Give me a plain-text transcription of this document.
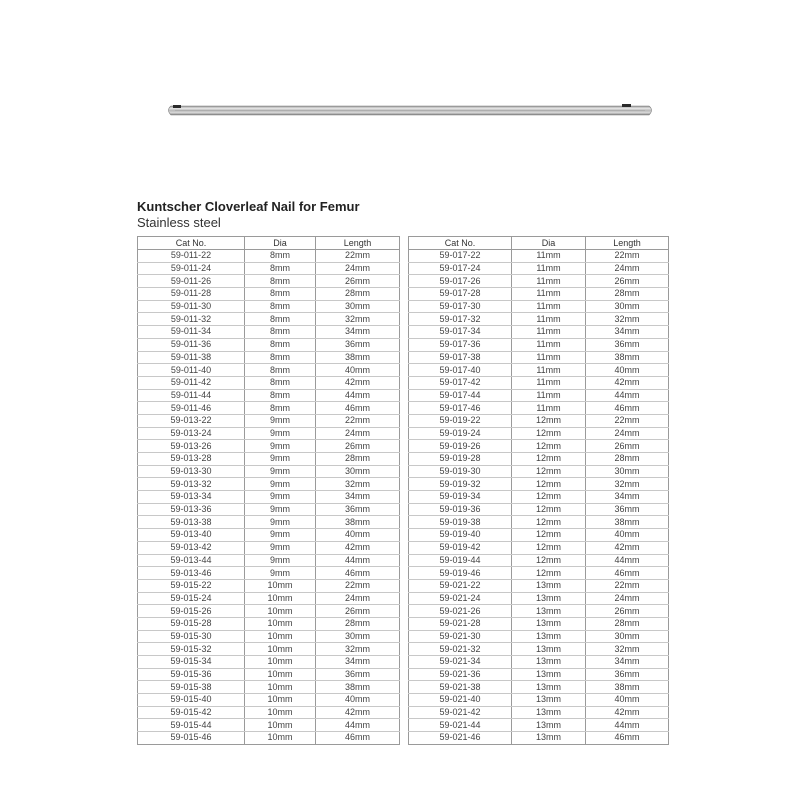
Kuntscher Cloverleaf Nail for Femur
Stainless steel
Cat No.	Dia	Length
59-011-22	8mm	22mm
59-011-24	8mm	24mm
59-011-26	8mm	26mm
59-011-28	8mm	28mm
59-011-30	8mm	30mm
59-011-32	8mm	32mm
59-011-34	8mm	34mm
59-011-36	8mm	36mm
59-011-38	8mm	38mm
59-011-40	8mm	40mm
59-011-42	8mm	42mm
59-011-44	8mm	44mm
59-011-46	8mm	46mm
59-013-22	9mm	22mm
59-013-24	9mm	24mm
59-013-26	9mm	26mm
59-013-28	9mm	28mm
59-013-30	9mm	30mm
59-013-32	9mm	32mm
59-013-34	9mm	34mm
59-013-36	9mm	36mm
59-013-38	9mm	38mm
59-013-40	9mm	40mm
59-013-42	9mm	42mm
59-013-44	9mm	44mm
59-013-46	9mm	46mm
59-015-22	10mm	22mm
59-015-24	10mm	24mm
59-015-26	10mm	26mm
59-015-28	10mm	28mm
59-015-30	10mm	30mm
59-015-32	10mm	32mm
59-015-34	10mm	34mm
59-015-36	10mm	36mm
59-015-38	10mm	38mm
59-015-40	10mm	40mm
59-015-42	10mm	42mm
59-015-44	10mm	44mm
59-015-46	10mm	46mm
Cat No.	Dia	Length
59-017-22	11mm	22mm
59-017-24	11mm	24mm
59-017-26	11mm	26mm
59-017-28	11mm	28mm
59-017-30	11mm	30mm
59-017-32	11mm	32mm
59-017-34	11mm	34mm
59-017-36	11mm	36mm
59-017-38	11mm	38mm
59-017-40	11mm	40mm
59-017-42	11mm	42mm
59-017-44	11mm	44mm
59-017-46	11mm	46mm
59-019-22	12mm	22mm
59-019-24	12mm	24mm
59-019-26	12mm	26mm
59-019-28	12mm	28mm
59-019-30	12mm	30mm
59-019-32	12mm	32mm
59-019-34	12mm	34mm
59-019-36	12mm	36mm
59-019-38	12mm	38mm
59-019-40	12mm	40mm
59-019-42	12mm	42mm
59-019-44	12mm	44mm
59-019-46	12mm	46mm
59-021-22	13mm	22mm
59-021-24	13mm	24mm
59-021-26	13mm	26mm
59-021-28	13mm	28mm
59-021-30	13mm	30mm
59-021-32	13mm	32mm
59-021-34	13mm	34mm
59-021-36	13mm	36mm
59-021-38	13mm	38mm
59-021-40	13mm	40mm
59-021-42	13mm	42mm
59-021-44	13mm	44mm
59-021-46	13mm	46mm
